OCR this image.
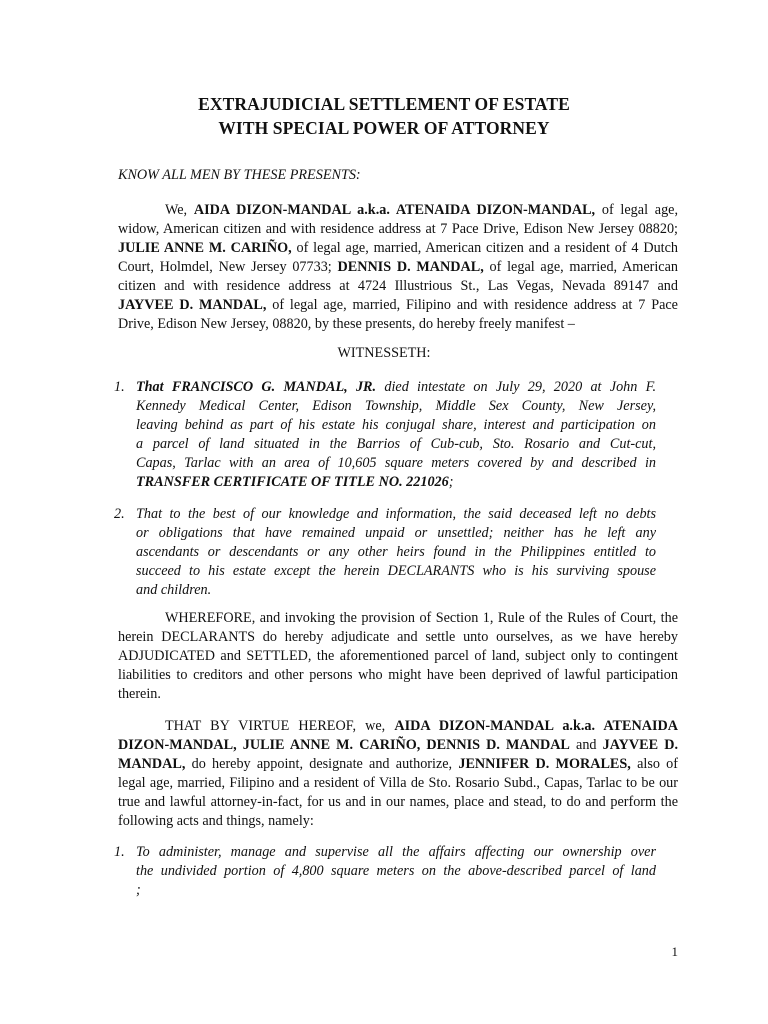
EXTRAJUDICIAL SETTLEMENT OF ESTATE
WITH SPECIAL POWER OF ATTORNEY
KNOW ALL MEN BY THESE PRESENTS:
We, AIDA DIZON-MANDAL a.k.a. ATENAIDA DIZON-MANDAL, of legal age,
widow, American citizen and with residence address at 7 Pace Drive, Edison New Jersey 08820;
JULIE ANNE M. CARIÑO, of legal age, married, American citizen and a resident of 4 Dutch
Court, Holmdel, New Jersey 07733; DENNIS D. MANDAL, of legal age, married, American
citizen and with residence address at 4724 Illustrious St., Las Vegas, Nevada 89147 and
JAYVEE D. MANDAL, of legal age, married, Filipino and with residence address at 7 Pace
Drive, Edison New Jersey, 08820, by these presents, do hereby freely manifest –
WITNESSETH:
1. That FRANCISCO G. MANDAL, JR. died intestate on July 29, 2020 at John F.
Kennedy Medical Center, Edison Township, Middle Sex County, New Jersey,
leaving behind as part of his estate his conjugal share, interest and participation on
a parcel of land situated in the Barrios of Cub-cub, Sto. Rosario and Cut-cut,
Capas, Tarlac with an area of 10,605 square meters covered by and described in
TRANSFER CERTIFICATE OF TITLE NO. 221026;
2. That to the best of our knowledge and information, the said deceased left no debts
or obligations that have remained unpaid or unsettled; neither has he left any
ascendants or descendants or any other heirs found in the Philippines entitled to
succeed to his estate except the herein DECLARANTS who is his surviving spouse
and children.
WHEREFORE, and invoking the provision of Section 1, Rule of the Rules of Court, the
herein DECLARANTS do hereby adjudicate and settle unto ourselves, as we have hereby
ADJUDICATED and SETTLED, the aforementioned parcel of land, subject only to contingent
liabilities to creditors and other persons who might have been deprived of lawful participation
therein.
THAT BY VIRTUE HEREOF, we, AIDA DIZON-MANDAL a.k.a. ATENAIDA
DIZON-MANDAL, JULIE ANNE M. CARIÑO, DENNIS D. MANDAL and JAYVEE D.
MANDAL, do hereby appoint, designate and authorize, JENNIFER D. MORALES, also of
legal age, married, Filipino and a resident of Villa de Sto. Rosario Subd., Capas, Tarlac to be our
true and lawful attorney-in-fact, for us and in our names, place and stead, to do and perform the
following acts and things, namely:
1. To administer, manage and supervise all the affairs affecting our ownership over
the undivided portion of 4,800 square meters on the above-described parcel of land
;
1
